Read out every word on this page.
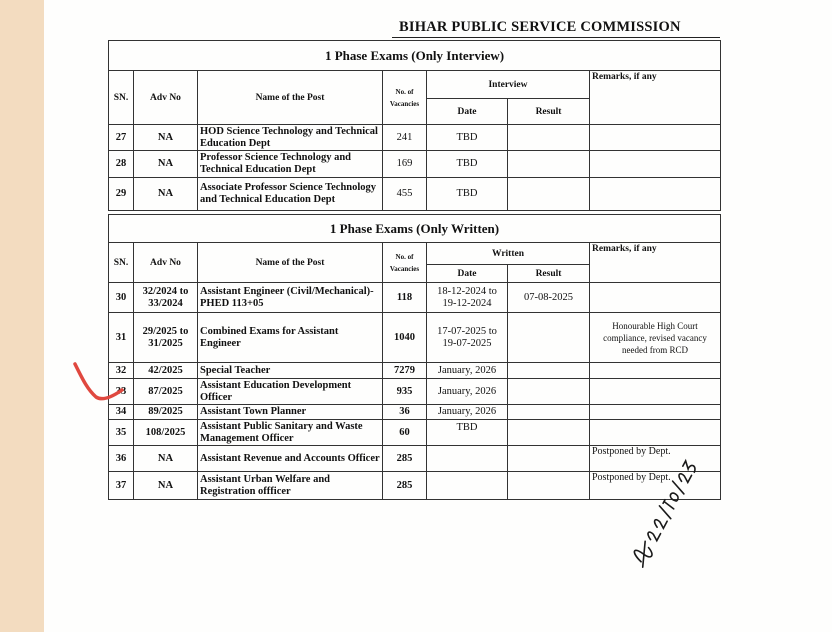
BIHAR PUBLIC SERVICE COMMISSION
1 Phase Exams (Only Interview)						
SN.	Adv No	Name of the Post	No. of Vacancies	Interview		Remarks, if any
				Date	Result	
27	NA	HOD Science Technology and Technical Education Dept	241	TBD		
28	NA	Professor Science Technology and Technical Education Dept	169	TBD		
29	NA	Associate Professor Science Technology and Technical Education Dept	455	TBD		
1 Phase Exams (Only Written)						
SN.	Adv No	Name of the Post	No. of Vacancies	Written		Remarks, if any
				Date	Result	
30	32/2024 to 33/2024	Assistant Engineer (Civil/Mechanical)- PHED 113+05	118	18-12-2024 to 19-12-2024	07-08-2025	
31	29/2025 to 31/2025	Combined Exams for Assistant Engineer	1040	17-07-2025 to 19-07-2025		Honourable High Court compliance, revised vacancy needed from RCD
32	42/2025	Special Teacher	7279	January, 2026		
33	87/2025	Assistant Education Development Officer	935	January, 2026		
34	89/2025	Assistant Town Planner	36	January, 2026		
35	108/2025	Assistant Public Sanitary and Waste Management Officer	60	TBD		
36	NA	Assistant Revenue and Accounts Officer	285			Postponed by Dept.
37	NA	Assistant Urban Welfare and Registration offficer	285			Postponed by Dept.
